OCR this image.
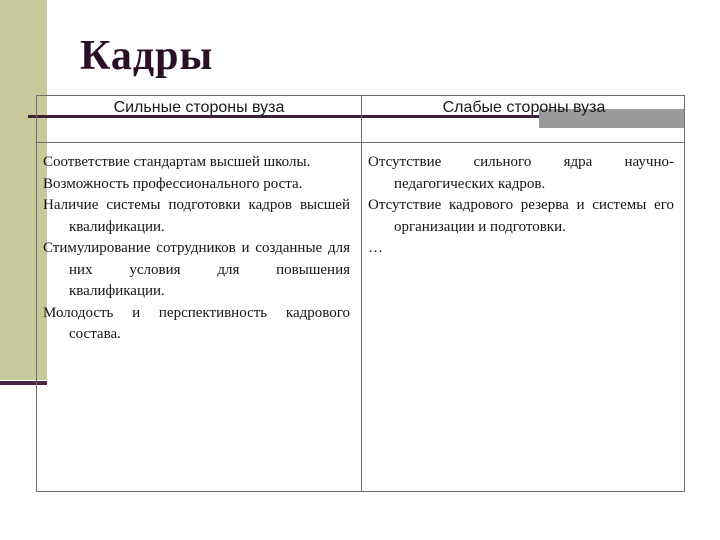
Кадры
Сильные стороны вуза	Слабые стороны вуза

Соответствие стандартам высшей школы.

Возможность профессионального роста.

Наличие системы подготовки кадров высшей квалификации.

Стимулирование сотрудников и созданные для них условия для повышения квалификации.

Молодость и перспективность кадрового состава.

Отсутствие сильного ядра научно-педагогических кадров.

Отсутствие кадрового резерва и системы его организации и подготовки.

…
